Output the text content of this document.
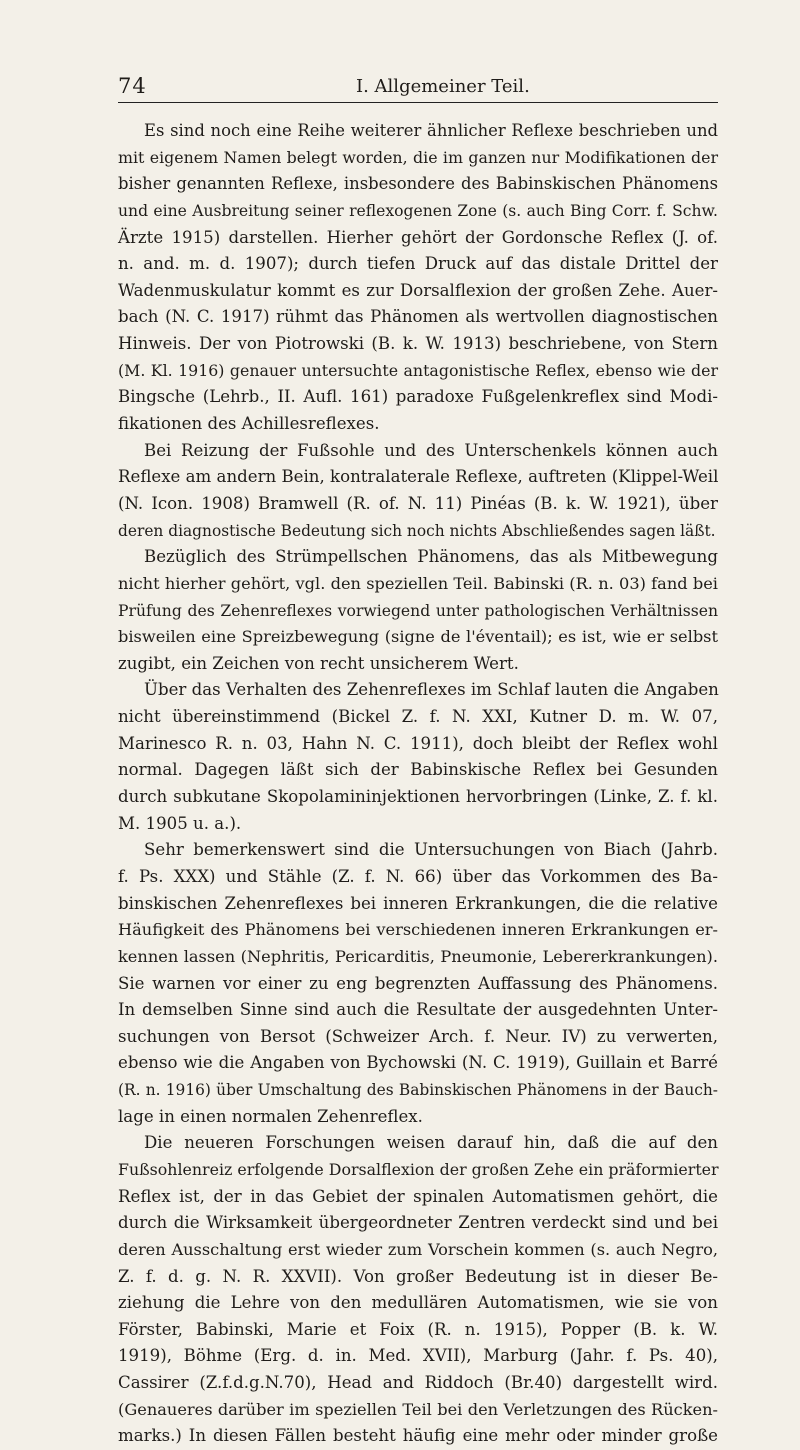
74	I. Allgemeiner Teil.
Es sind noch eine Reihe weiterer ähnlicher Reflexe beschrieben und
mit eigenem Namen belegt worden, die im ganzen nur Modifikationen der
bisher genannten Reflexe, insbesondere des Babinskischen Phänomens
und eine Ausbreitung seiner reflexogenen Zone (s. auch Bing Corr. f. Schw.
Ärzte 1915) darstellen. Hierher gehört der Gordonsche Reflex (J. of.
n. and. m. d. 1907); durch tiefen Druck auf das distale Drittel der
Wadenmuskulatur kommt es zur Dorsalflexion der großen Zehe. Auer-
bach (N. C. 1917) rühmt das Phänomen als wertvollen diagnostischen
Hinweis. Der von Piotrowski (B. k. W. 1913) beschriebene, von Stern
(M. Kl. 1916) genauer untersuchte antagonistische Reflex, ebenso wie der
Bingsche (Lehrb., II. Aufl. 161) paradoxe Fußgelenkreflex sind Modi-
fikationen des Achillesreflexes.
Bei Reizung der Fußsohle und des Unterschenkels können auch
Reflexe am andern Bein, kontralaterale Reflexe, auftreten (Klippel-Weil
(N. Icon. 1908) Bramwell (R. of. N. 11) Pinéas (B. k. W. 1921), über
deren diagnostische Bedeutung sich noch nichts Abschließendes sagen läßt.
Bezüglich des Strümpellschen Phänomens, das als Mitbewegung
nicht hierher gehört, vgl. den speziellen Teil. Babinski (R. n. 03) fand bei
Prüfung des Zehenreflexes vorwiegend unter pathologischen Verhältnissen
bisweilen eine Spreizbewegung (signe de l'éventail); es ist, wie er selbst
zugibt, ein Zeichen von recht unsicherem Wert.
Über das Verhalten des Zehenreflexes im Schlaf lauten die Angaben
nicht übereinstimmend (Bickel Z. f. N. XXI, Kutner D. m. W. 07,
Marinesco R. n. 03, Hahn N. C. 1911), doch bleibt der Reflex wohl
normal. Dagegen läßt sich der Babinskische Reflex bei Gesunden
durch subkutane Skopolamininjektionen hervorbringen (Linke, Z. f. kl.
M. 1905 u. a.).
Sehr bemerkenswert sind die Untersuchungen von Biach (Jahrb.
f. Ps. XXX) und Stähle (Z. f. N. 66) über das Vorkommen des Ba-
binskischen Zehenreflexes bei inneren Erkrankungen, die die relative
Häufigkeit des Phänomens bei verschiedenen inneren Erkrankungen er-
kennen lassen (Nephritis, Pericarditis, Pneumonie, Lebererkrankungen).
Sie warnen vor einer zu eng begrenzten Auffassung des Phänomens.
In demselben Sinne sind auch die Resultate der ausgedehnten Unter-
suchungen von Bersot (Schweizer Arch. f. Neur. IV) zu verwerten,
ebenso wie die Angaben von Bychowski (N. C. 1919), Guillain et Barré
(R. n. 1916) über Umschaltung des Babinskischen Phänomens in der Bauch-
lage in einen normalen Zehenreflex.
Die neueren Forschungen weisen darauf hin, daß die auf den
Fußsohlenreiz erfolgende Dorsalflexion der großen Zehe ein präformierter
Reflex ist, der in das Gebiet der spinalen Automatismen gehört, die
durch die Wirksamkeit übergeordneter Zentren verdeckt sind und bei
deren Ausschaltung erst wieder zum Vorschein kommen (s. auch Negro,
Z. f. d. g. N. R. XXVII). Von großer Bedeutung ist in dieser Be-
ziehung die Lehre von den medullären Automatismen, wie sie von
Förster, Babinski, Marie et Foix (R. n. 1915), Popper (B. k. W.
1919), Böhme (Erg. d. in. Med. XVII), Marburg (Jahr. f. Ps. 40),
Cassirer (Z.f.d.g.N.70), Head and Riddoch (Br.40) dargestellt wird.
(Genaueres darüber im speziellen Teil bei den Verletzungen des Rücken-
marks.) In diesen Fällen besteht häufig eine mehr oder minder große
